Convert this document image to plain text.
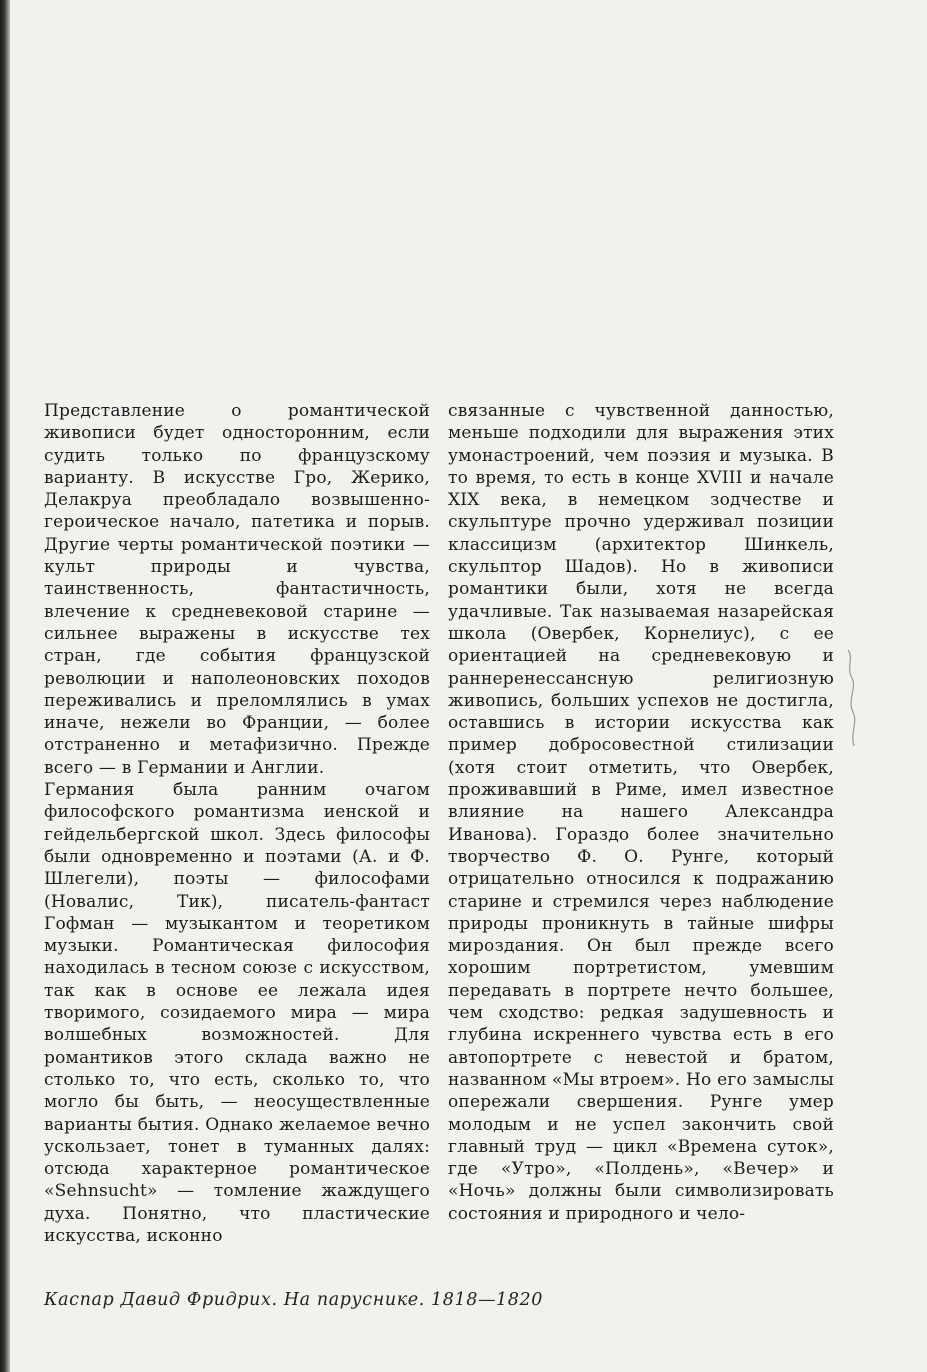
Представление о романтической живописи будет односторонним, если судить только по французскому варианту. В искусстве Гро, Жерико, Делакруа преобладало возвышенно-героическое начало, патетика и порыв. Другие черты романтической поэтики — культ природы и чувства, таинственность, фантастичность, влечение к средневековой старине — сильнее выражены в искусстве тех стран, где события французской революции и наполеоновских походов переживались и преломлялись в умах иначе, нежели во Франции, — более отстраненно и метафизично. Прежде всего — в Германии и Англии.

Германия была ранним очагом философского романтизма иенской и гейдельбергской школ. Здесь философы были одновременно и поэтами (А. и Ф. Шлегели), поэты — философами (Новалис, Тик), писатель-фантаст Гофман — музыкантом и теоретиком музыки. Романтическая философия находилась в тесном союзе с искусством, так как в основе ее лежала идея творимого, созидаемого мира — мира волшебных возможностей. Для романтиков этого склада важно не столько то, что есть, сколько то, что могло бы быть, — неосуществленные варианты бытия. Однако желаемое вечно ускользает, тонет в туманных далях: отсюда характерное романтическое «Sehnsucht» — томление жаждущего духа. Понятно, что пластические искусства, исконно

связанные с чувственной данностью, меньше подходили для выражения этих умонастроений, чем поэзия и музыка. В то время, то есть в конце XVIII и начале XIX века, в немецком зодчестве и скульптуре прочно удерживал позиции классицизм (архитектор Шинкель, скульптор Шадов). Но в живописи романтики были, хотя не всегда удачливые. Так называемая назарейская школа (Овербек, Корнелиус), с ее ориентацией на средневековую и раннеренессансную религиозную живопись, больших успехов не достигла, оставшись в истории искусства как пример добросовестной стилизации (хотя стоит отметить, что Овербек, проживавший в Риме, имел известное влияние на нашего Александра Иванова). Гораздо более значительно творчество Ф. О. Рунге, который отрицательно относился к подражанию старине и стремился через наблюдение природы проникнуть в тайные шифры мироздания. Он был прежде всего хорошим портретистом, умевшим передавать в портрете нечто большее, чем сходство: редкая задушевность и глубина искреннего чувства есть в его автопортрете с невестой и братом, названном «Мы втроем». Но его замыслы опережали свершения. Рунге умер молодым и не успел закончить свой главный труд — цикл «Времена суток», где «Утро», «Полдень», «Вечер» и «Ночь» должны были символизировать состояния и природного и чело-

Каспар Давид Фридрих. На паруснике. 1818—1820
